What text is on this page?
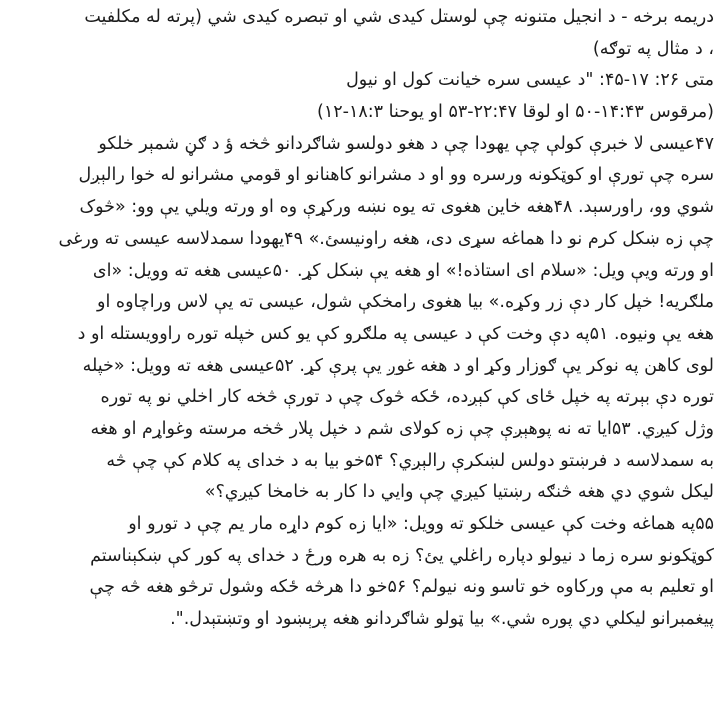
دريمه برخه - د انجيل متنونه چې لوستل کيدی شي او تبصره کيدی شي (پرته له مکلفيت
، د مثال په توګه)
متی ۲۶: ۱۷-۴۵: "د عيسی سره خيانت کول او نيول
(مرقوس ۱۴:۴۳-۵۰ او لوقا ۲۲:۴۷-۵۳ او يوحنا ۱۸:۳-۱۲)
۴۷عيسی لا خبرې کولې چې يهودا چې د هغو دولسو شاګردانو څخه ؤ د ګڼ شمېر خلکو
سره چې تورې او کوټکونه ورسره وو او د مشرانو کاهنانو او قومي مشرانو له خوا رالېږل
شوي وو، راورسېد. ۴۸هغه خاين هغوی ته يوه نښه ورکړې وه او ورته ويلي يې وو: «څوک
چې زه ښکل کرم نو دا هماغه سړی دی، هغه راونيسئ.» ۴۹يهودا سمدلاسه عيسی ته ورغی
او ورته ويې ويل: «سلام ای استاذه!» او هغه يې ښکل کړ. ۵۰عيسی هغه ته وويل: «ای
ملګريه! خپل کار دې زر وکړه.» بيا هغوی رامخکې شول، عيسی ته يې لاس وراچاوه او
هغه يې ونيوه. ۵۱په دې وخت کې د عيسی په ملګرو کې يو کس خپله توره راوويستله او د
لوی کاهن په نوکر يې ګوزار وکړ او د هغه غوږ يې پرې کړ. ۵۲عيسی هغه ته وويل: «خپله
توره دې بېرته په خپل ځای کې کېږده، ځکه څوک چې د تورې څخه کار اخلي نو په توره
وژل کيږي. ۵۳ايا ته نه پوهېږې چې زه کولای شم د خپل پلار څخه مرسته وغواړم او هغه
به سمدلاسه د فرښتو دولس لښکرې رالېږي؟ ۵۴خو بيا به د خدای په کلام کې چې څه
ليکل شوي دي هغه څنګه رښتيا کيږي چې وايي دا کار به خامخا کيږي؟»
۵۵په هماغه وخت کې عيسی خلکو ته وويل: «ايا زه کوم داړه مار يم چې د تورو او
کوټکونو سره زما د نيولو دپاره راغلي يئ؟ زه به هره ورځ د خدای په کور کې ښکېناستم
او تعليم به مې ورکاوه خو تاسو ونه نيولم؟ ۵۶خو دا هرڅه ځکه وشول ترڅو هغه څه چې
پيغمبرانو ليکلي دي پوره شي.» بيا ټولو شاګردانو هغه پرېښود او وتښتېدل.".
